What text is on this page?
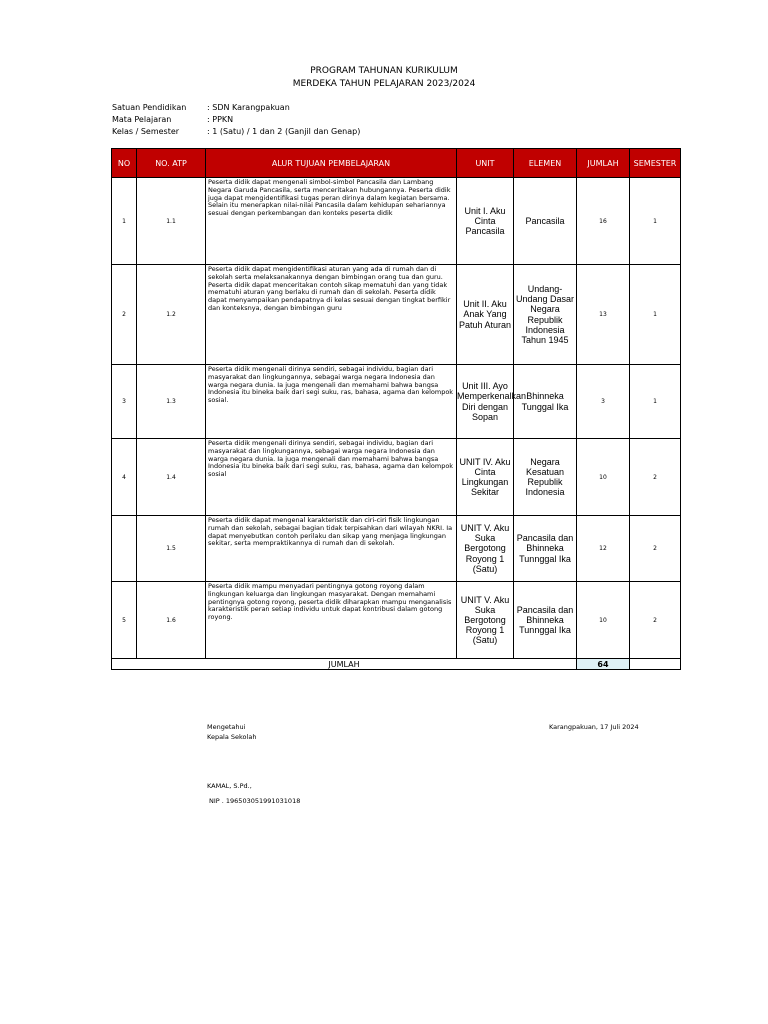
PROGRAM TAHUNAN KURIKULUM
MERDEKA TAHUN PELAJARAN 2023/2024
Satuan Pendidikan	: SDN Karangpakuan
Mata Pelajaran	: PPKN
Kelas / Semester	: 1 (Satu) / 1 dan 2 (Ganjil dan Genap)
NO	NO. ATP	ALUR TUJUAN PEMBELAJARAN	UNIT	ELEMEN	JUMLAH	SEMESTER
1	1.1	Peserta didik dapat mengenali simbol-simbol Pancasila dan Lambang Negara Garuda Pancasila, serta menceritakan hubungannya. Peserta didik juga dapat mengidentifikasi tugas peran dirinya dalam kegiatan bersama. Selain itu menerapkan nilai-nilai Pancasila dalam kehidupan sehariannya sesuai dengan perkembangan dan konteks peserta didik	Unit I. Aku Cinta Pancasila	Pancasila	16	1
2	1.2	Peserta didik dapat mengidentifikasi aturan yang ada di rumah dan di sekolah serta melaksanakannya dengan bimbingan orang tua dan guru. Peserta didik dapat menceritakan contoh sikap mematuhi dan yang tidak mematuhi aturan yang berlaku di rumah dan di sekolah. Peserta didik dapat menyampaikan pendapatnya di kelas sesuai dengan tingkat berfikir dan konteksnya, dengan bimbingan guru	Unit II. Aku Anak Yang Patuh Aturan	Undang-Undang Dasar Negara Republik Indonesia Tahun 1945	13	1
3	1.3	Peserta didik mengenali dirinya sendiri, sebagai individu, bagian dari masyarakat dan lingkungannya, sebagai warga negara Indonesia dan warga negara dunia. Ia juga mengenali dan memahami bahwa bangsa Indonesia itu bineka baik dari segi suku, ras, bahasa, agama dan kelompok sosial.	Unit III. Ayo Memperkenalkan Diri dengan Sopan	Bhinneka Tunggal Ika	3	1
4	1.4	Peserta didik mengenali dirinya sendiri, sebagai individu, bagian dari masyarakat dan lingkungannya, sebagai warga negara Indonesia dan warga negara dunia. Ia juga mengenali dan memahami bahwa bangsa Indonesia itu bineka baik dari segi suku, ras, bahasa, agama dan kelompok sosial	UNIT IV. Aku Cinta Lingkungan Sekitar	Negara Kesatuan Republik Indonesia	10	2
	1.5	Peserta didik dapat mengenal karakteristik dan ciri-ciri fisik lingkungan rumah dan sekolah, sebagai bagian tidak terpisahkan dari wilayah NKRI. Ia dapat menyebutkan contoh perilaku dan sikap yang menjaga lingkungan sekitar, serta mempraktikannya di rumah dan di sekolah.	UNIT V. Aku Suka Bergotong Royong 1 (Satu)	Pancasila dan Bhinneka Tunnggal Ika	12	2
5	1.6	Peserta didik mampu menyadari pentingnya gotong royong dalam lingkungan keluarga dan lingkungan masyarakat. Dengan memahami pentingnya gotong royong, peserta didik diharapkan mampu menganalisis karakteristik peran setiap individu untuk dapat kontribusi dalam gotong royong.	UNIT V. Aku Suka Bergotong Royong 1 (Satu)	Pancasila dan Bhinneka Tunnggal Ika	10	2
JUMLAH					64	
Mengetahui
Kepala Sekolah
Karangpakuan, 17 Juli 2024
KAMAL, S.Pd.,
NIP . 196503051991031018
